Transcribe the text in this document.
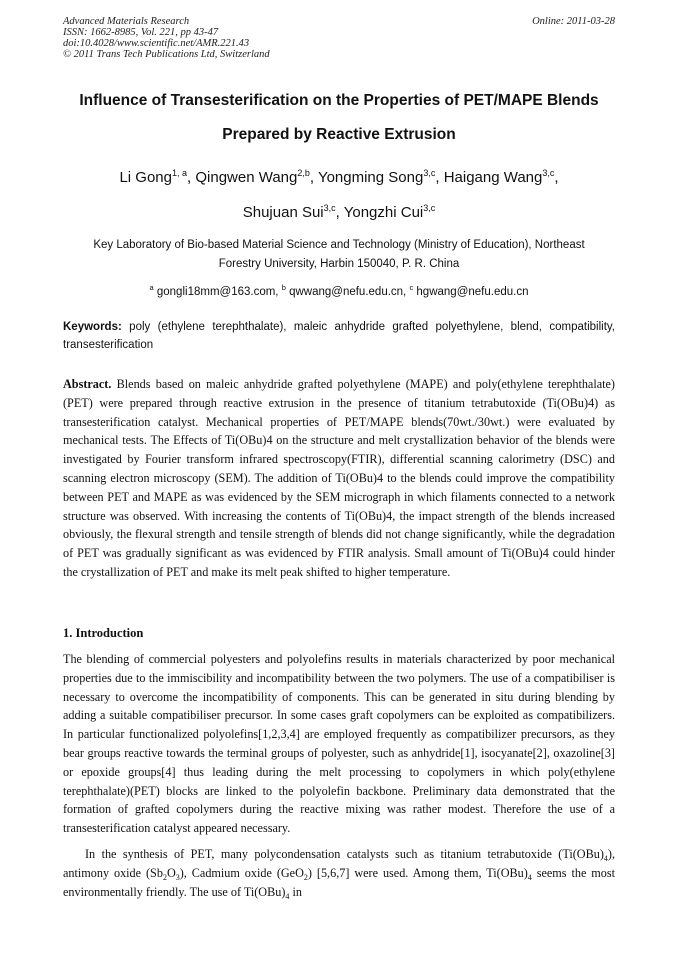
Advanced Materials Research
ISSN: 1662-8985, Vol. 221, pp 43-47
doi:10.4028/www.scientific.net/AMR.221.43
© 2011 Trans Tech Publications Ltd, Switzerland
Online: 2011-03-28
Influence of Transesterification on the Properties of PET/MAPE Blends
Prepared by Reactive Extrusion
Li Gong$^{1, a}$, Qingwen Wang$^{2,b}$, Yongming Song$^{3,c}$, Haigang Wang$^{3,c}$,
Shujuan Sui$^{3,c}$, Yongzhi Cui$^{3,c}$
Key Laboratory of Bio-based Material Science and Technology (Ministry of Education), Northeast
Forestry University, Harbin 150040, P. R. China
$^a$ gongli18mm@163.com, $^b$ qwwang@nefu.edu.cn, $^c$ hgwang@nefu.edu.cn
Keywords: poly (ethylene terephthalate), maleic anhydride grafted polyethylene, blend, compatibility, transesterification
Abstract. Blends based on maleic anhydride grafted polyethylene (MAPE) and poly(ethylene terephthalate)(PET) were prepared through reactive extrusion in the presence of titanium tetrabutoxide (Ti(OBu)4) as transesterification catalyst. Mechanical properties of PET/MAPE blends(70wt./30wt.) were evaluated by mechanical tests. The Effects of Ti(OBu)4 on the structure and melt crystallization behavior of the blends were investigated by Fourier transform infrared spectroscopy(FTIR), differential scanning calorimetry (DSC) and scanning electron microscopy (SEM). The addition of Ti(OBu)4 to the blends could improve the compatibility between PET and MAPE as was evidenced by the SEM micrograph in which filaments connected to a network structure was observed. With increasing the contents of Ti(OBu)4, the impact strength of the blends increased obviously, the flexural strength and tensile strength of blends did not change significantly, while the degradation of PET was gradually significant as was evidenced by FTIR analysis. Small amount of Ti(OBu)4 could hinder the crystallization of PET and make its melt peak shifted to higher temperature.
1. Introduction
The blending of commercial polyesters and polyolefins results in materials characterized by poor mechanical properties due to the immiscibility and incompatibility between the two polymers. The use of a compatibiliser is necessary to overcome the incompatibility of components. This can be generated in situ during blending by adding a suitable compatibiliser precursor. In some cases graft copolymers can be exploited as compatibilizers. In particular functionalized polyolefins[1,2,3,4] are employed frequently as compatibilizer precursors, as they bear groups reactive towards the terminal groups of polyester, such as anhydride[1], isocyanate[2], oxazoline[3] or epoxide groups[4] thus leading during the melt processing to copolymers in which poly(ethylene terephthalate)(PET) blocks are linked to the polyolefin backbone. Preliminary data demonstrated that the formation of grafted copolymers during the reactive mixing was rather modest. Therefore the use of a transesterification catalyst appeared necessary.
In the synthesis of PET, many polycondensation catalysts such as titanium tetrabutoxide $(Ti(OBu)_4)$, antimony oxide $(Sb_2O_3)$, Cadmium oxide (GeO$_2$) [5,6,7] were used. Among them, $Ti(OBu)_4$ seems the most environmentally friendly. The use of $Ti(OBu)_4$ in
